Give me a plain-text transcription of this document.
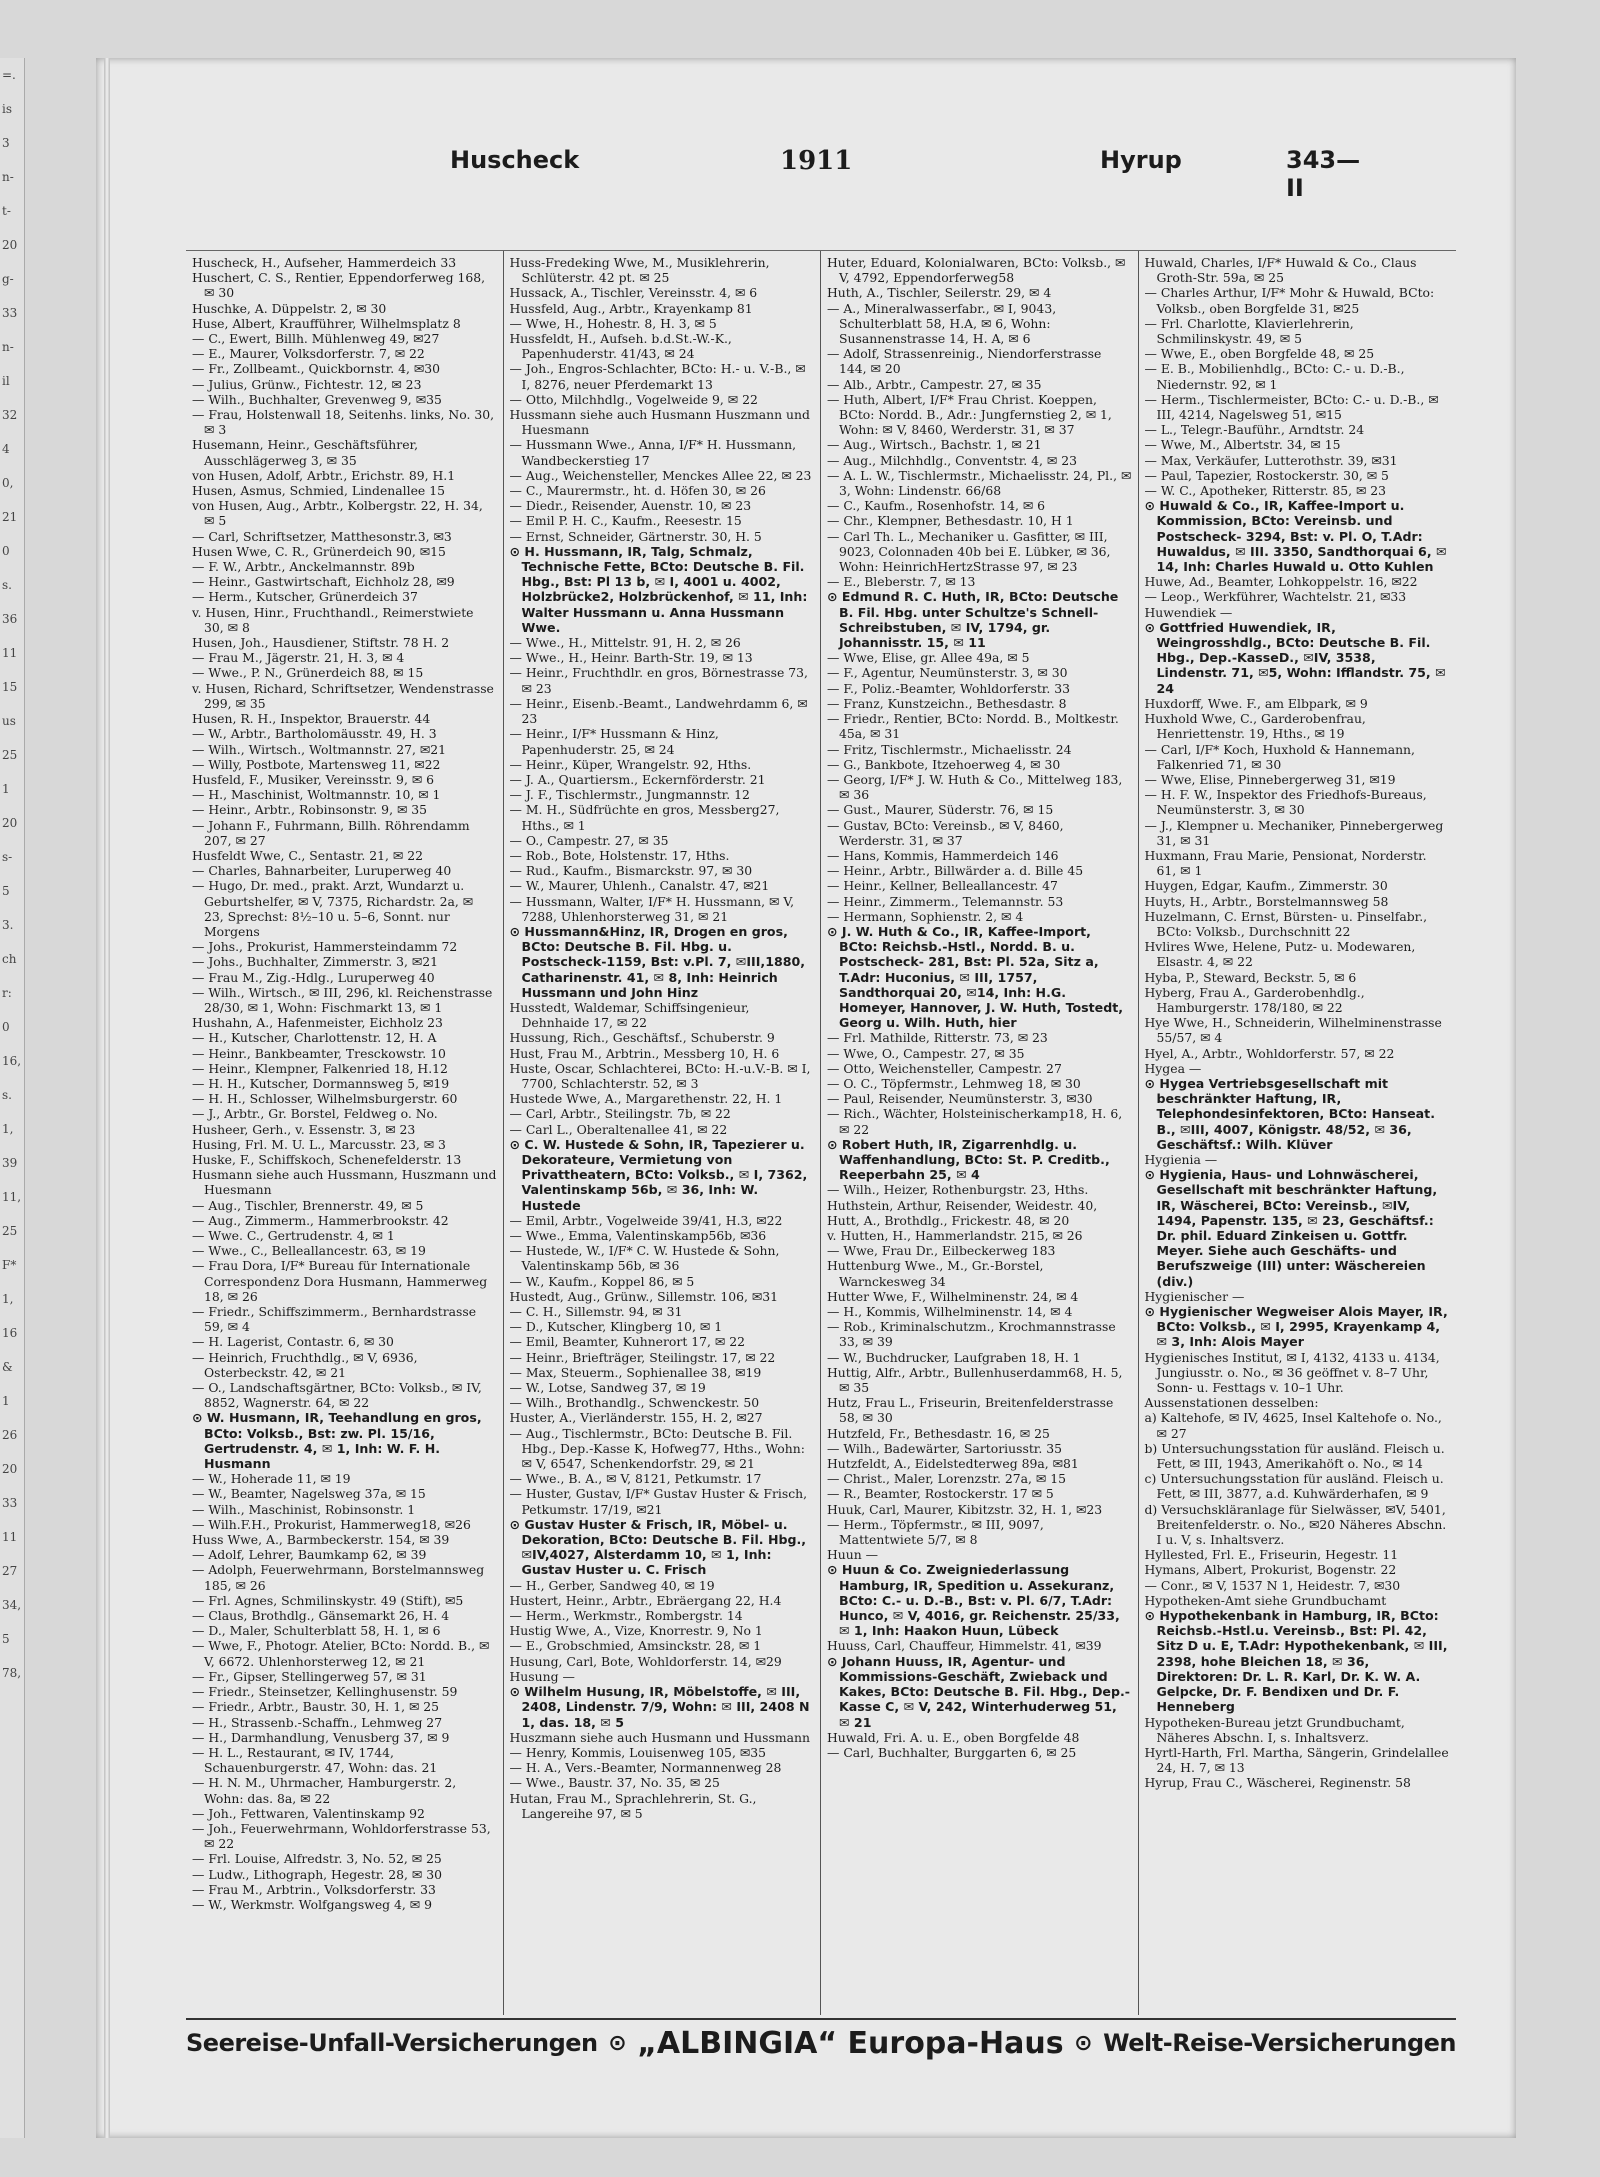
=.
is
3
n-
t-
20
g-
33
n-
il
32
4
0,
21
0
s.
36
11
15
us
25
1
20
s-
5
3.
ch
r:
0
16,
s.
1,
39
11,
25
F*
1,
16
&
1
26
20
33
11
27
34,
5
78,
Huscheck	1911	Hyrup	343—II

Huscheck, H., Aufseher, Hammerdeich 33

Huschert, C. S., Rentier, Eppendorferweg 168, ✉ 30

Huschke, A. Düppelstr. 2, ✉ 30

Huse, Albert, Kraufführer, Wilhelmsplatz 8

— C., Ewert, Billh. Mühlenweg 49, ✉27

— E., Maurer, Volksdorferstr. 7, ✉ 22

— Fr., Zollbeamt., Quickbornstr. 4, ✉30

— Julius, Grünw., Fichtestr. 12, ✉ 23

— Wilh., Buchhalter, Grevenweg 9, ✉35

— Frau, Holstenwall 18, Seitenhs. links, No. 30, ✉ 3

Husemann, Heinr., Geschäftsführer, Ausschlägerweg 3, ✉ 35

von Husen, Adolf, Arbtr., Erichstr. 89, H.1

Husen, Asmus, Schmied, Lindenallee 15

von Husen, Aug., Arbtr., Kolbergstr. 22, H. 34, ✉ 5

— Carl, Schriftsetzer, Matthesonstr.3, ✉3

Husen Wwe, C. R., Grünerdeich 90, ✉15

— F. W., Arbtr., Anckelmannstr. 89b

— Heinr., Gastwirtschaft, Eichholz 28, ✉9

— Herm., Kutscher, Grünerdeich 37

v. Husen, Hinr., Fruchthandl., Reimerstwiete 30, ✉ 8

Husen, Joh., Hausdiener, Stiftstr. 78 H. 2

— Frau M., Jägerstr. 21, H. 3, ✉ 4

— Wwe., P. N., Grünerdeich 88, ✉ 15

v. Husen, Richard, Schriftsetzer, Wendenstrasse 299, ✉ 35

Husen, R. H., Inspektor, Brauerstr. 44

— W., Arbtr., Bartholomäusstr. 49, H. 3

— Wilh., Wirtsch., Woltmannstr. 27, ✉21

— Willy, Postbote, Martensweg 11, ✉22

Husfeld, F., Musiker, Vereinsstr. 9, ✉ 6

— H., Maschinist, Woltmannstr. 10, ✉ 1

— Heinr., Arbtr., Robinsonstr. 9, ✉ 35

— Johann F., Fuhrmann, Billh. Röhrendamm 207, ✉ 27

Husfeldt Wwe, C., Sentastr. 21, ✉ 22

— Charles, Bahnarbeiter, Luruperweg 40

— Hugo, Dr. med., prakt. Arzt, Wundarzt u. Geburtshelfer, ✉ V, 7375, Richardstr. 2a, ✉ 23, Sprechst: 8½–10 u. 5–6, Sonnt. nur Morgens

— Johs., Prokurist, Hammersteindamm 72

— Johs., Buchhalter, Zimmerstr. 3, ✉21

— Frau M., Zig.-Hdlg., Luruperweg 40

— Wilh., Wirtsch., ✉ III, 296, kl. Reichenstrasse 28/30, ✉ 1, Wohn: Fischmarkt 13, ✉ 1

Hushahn, A., Hafenmeister, Eichholz 23

— H., Kutscher, Charlottenstr. 12, H. A

— Heinr., Bankbeamter, Tresckowstr. 10

— Heinr., Klempner, Falkenried 18, H.12

— H. H., Kutscher, Dormannsweg 5, ✉19

— H. H., Schlosser, Wilhelmsburgerstr. 60

— J., Arbtr., Gr. Borstel, Feldweg o. No.

Husheer, Gerh., v. Essenstr. 3, ✉ 23

Husing, Frl. M. U. L., Marcusstr. 23, ✉ 3

Huske, F., Schiffskoch, Schenefelderstr. 13

Husmann siehe auch Hussmann, Huszmann und Huesmann

— Aug., Tischler, Brennerstr. 49, ✉ 5

— Aug., Zimmerm., Hammerbrookstr. 42

— Wwe. C., Gertrudenstr. 4, ✉ 1

— Wwe., C., Belleallancestr. 63, ✉ 19

— Frau Dora, I/F* Bureau für Internationale Correspondenz Dora Husmann, Hammerweg 18, ✉ 26

— Friedr., Schiffszimmerm., Bernhardstrasse 59, ✉ 4

— H. Lagerist, Contastr. 6, ✉ 30

— Heinrich, Fruchthdlg., ✉ V, 6936, Osterbeckstr. 42, ✉ 21

— O., Landschaftsgärtner, BCto: Volksb., ✉ IV, 8852, Wagnerstr. 64, ✉ 22

⊙ W. Husmann, IR, Teehandlung en gros, BCto: Volksb., Bst: zw. Pl. 15/16, Gertrudenstr. 4, ✉ 1, Inh: W. F. H. Husmann

— W., Hoherade 11, ✉ 19

— W., Beamter, Nagelsweg 37a, ✉ 15

— Wilh., Maschinist, Robinsonstr. 1

— Wilh.F.H., Prokurist, Hammerweg18, ✉26

Huss Wwe, A., Barmbeckerstr. 154, ✉ 39

— Adolf, Lehrer, Baumkamp 62, ✉ 39

— Adolph, Feuerwehrmann, Borstelmannsweg 185, ✉ 26

— Frl. Agnes, Schmilinskystr. 49 (Stift), ✉5

— Claus, Brothdlg., Gänsemarkt 26, H. 4

— D., Maler, Schulterblatt 58, H. 1, ✉ 6

— Wwe, F., Photogr. Atelier, BCto: Nordd. B., ✉ V, 6672. Uhlenhorsterweg 12, ✉ 21

— Fr., Gipser, Stellingerweg 57, ✉ 31

— Friedr., Steinsetzer, Kellinghusenstr. 59

— Friedr., Arbtr., Baustr. 30, H. 1, ✉ 25

— H., Strassenb.-Schaffn., Lehmweg 27

— H., Darmhandlung, Venusberg 37, ✉ 9

— H. L., Restaurant, ✉ IV, 1744, Schauenburgerstr. 47, Wohn: das. 21

— H. N. M., Uhrmacher, Hamburgerstr. 2, Wohn: das. 8a, ✉ 22

— Joh., Fettwaren, Valentinskamp 92

— Joh., Feuerwehrmann, Wohldorferstrasse 53, ✉ 22

— Frl. Louise, Alfredstr. 3, No. 52, ✉ 25

— Ludw., Lithograph, Hegestr. 28, ✉ 30

— Frau M., Arbtrin., Volksdorferstr. 33

— W., Werkmstr. Wolfgangsweg 4, ✉ 9

Huss-Fredeking Wwe, M., Musiklehrerin, Schlüterstr. 42 pt. ✉ 25

Hussack, A., Tischler, Vereinsstr. 4, ✉ 6

Hussfeld, Aug., Arbtr., Krayenkamp 81

— Wwe, H., Hohestr. 8, H. 3, ✉ 5

Hussfeldt, H., Aufseh. b.d.St.-W.-K., Papenhuderstr. 41/43, ✉ 24

— Joh., Engros-Schlachter, BCto: H.- u. V.-B., ✉ I, 8276, neuer Pferdemarkt 13

— Otto, Milchhdlg., Vogelweide 9, ✉ 22

Hussmann siehe auch Husmann Huszmann und Huesmann

— Hussmann Wwe., Anna, I/F* H. Hussmann, Wandbeckerstieg 17

— Aug., Weichensteller, Menckes Allee 22, ✉ 23

— C., Maurermstr., ht. d. Höfen 30, ✉ 26

— Diedr., Reisender, Auenstr. 10, ✉ 23

— Emil P. H. C., Kaufm., Reesestr. 15

— Ernst, Schneider, Gärtnerstr. 30, H. 5

⊙ H. Hussmann, IR, Talg, Schmalz, Technische Fette, BCto: Deutsche B. Fil. Hbg., Bst: Pl 13 b, ✉ I, 4001 u. 4002, Holzbrücke2, Holzbrückenhof, ✉ 11, Inh: Walter Hussmann u. Anna Hussmann Wwe.

— Wwe., H., Mittelstr. 91, H. 2, ✉ 26

— Wwe., H., Heinr. Barth-Str. 19, ✉ 13

— Heinr., Fruchthdlr. en gros, Börnestrasse 73, ✉ 23

— Heinr., Eisenb.-Beamt., Landwehrdamm 6, ✉ 23

— Heinr., I/F* Hussmann & Hinz, Papenhuderstr. 25, ✉ 24

— Heinr., Küper, Wrangelstr. 92, Hths.

— J. A., Quartiersm., Eckernförderstr. 21

— J. F., Tischlermstr., Jungmannstr. 12

— M. H., Südfrüchte en gros, Messberg27, Hths., ✉ 1

— O., Campestr. 27, ✉ 35

— Rob., Bote, Holstenstr. 17, Hths.

— Rud., Kaufm., Bismarckstr. 97, ✉ 30

— W., Maurer, Uhlenh., Canalstr. 47, ✉21

— Hussmann, Walter, I/F* H. Hussmann, ✉ V, 7288, Uhlenhorsterweg 31, ✉ 21

⊙ Hussmann&Hinz, IR, Drogen en gros, BCto: Deutsche B. Fil. Hbg. u. Postscheck-1159, Bst: v.Pl. 7, ✉III,1880, Catharinenstr. 41, ✉ 8, Inh: Heinrich Hussmann und John Hinz

Husstedt, Waldemar, Schiffsingenieur, Dehnhaide 17, ✉ 22

Hussung, Rich., Geschäftsf., Schuberstr. 9

Hust, Frau M., Arbtrin., Messberg 10, H. 6

Huste, Oscar, Schlachterei, BCto: H.-u.V.-B. ✉ I, 7700, Schlachterstr. 52, ✉ 3

Hustede Wwe, A., Margarethenstr. 22, H. 1

— Carl, Arbtr., Steilingstr. 7b, ✉ 22

— Carl L., Oberaltenallee 41, ✉ 22

⊙ C. W. Hustede & Sohn, IR, Tapezierer u. Dekorateure, Vermietung von Privattheatern, BCto: Volksb., ✉ I, 7362, Valentinskamp 56b, ✉ 36, Inh: W. Hustede

— Emil, Arbtr., Vogelweide 39/41, H.3, ✉22

— Wwe., Emma, Valentinskamp56b, ✉36

— Hustede, W., I/F* C. W. Hustede & Sohn, Valentinskamp 56b, ✉ 36

— W., Kaufm., Koppel 86, ✉ 5

Hustedt, Aug., Grünw., Sillemstr. 106, ✉31

— C. H., Sillemstr. 94, ✉ 31

— D., Kutscher, Klingberg 10, ✉ 1

— Emil, Beamter, Kuhnerort 17, ✉ 22

— Heinr., Briefträger, Steilingstr. 17, ✉ 22

— Max, Steuerm., Sophienallee 38, ✉19

— W., Lotse, Sandweg 37, ✉ 19

— Wilh., Brothandlg., Schwenckestr. 50

Huster, A., Vierländerstr. 155, H. 2, ✉27

— Aug., Tischlermstr., BCto: Deutsche B. Fil. Hbg., Dep.-Kasse K, Hofweg77, Hths., Wohn: ✉ V, 6547, Schenkendorfstr. 29, ✉ 21

— Wwe., B. A., ✉ V, 8121, Petkumstr. 17

— Huster, Gustav, I/F* Gustav Huster & Frisch, Petkumstr. 17/19, ✉21

⊙ Gustav Huster & Frisch, IR, Möbel- u. Dekoration, BCto: Deutsche B. Fil. Hbg., ✉IV,4027, Alsterdamm 10, ✉ 1, Inh: Gustav Huster u. C. Frisch

— H., Gerber, Sandweg 40, ✉ 19

Hustert, Heinr., Arbtr., Ebräergang 22, H.4

— Herm., Werkmstr., Rombergstr. 14

Hustig Wwe, A., Vize, Knorrestr. 9, No 1

— E., Grobschmied, Amsinckstr. 28, ✉ 1

Husung, Carl, Bote, Wohldorferstr. 14, ✉29

Husung —

⊙ Wilhelm Husung, IR, Möbelstoffe, ✉ III, 2408, Lindenstr. 7/9, Wohn: ✉ III, 2408 N 1, das. 18, ✉ 5

Huszmann siehe auch Husmann und Hussmann

— Henry, Kommis, Louisenweg 105, ✉35

— H. A., Vers.-Beamter, Normannenweg 28

— Wwe., Baustr. 37, No. 35, ✉ 25

Hutan, Frau M., Sprachlehrerin, St. G., Langereihe 97, ✉ 5

Huter, Eduard, Kolonialwaren, BCto: Volksb., ✉ V, 4792, Eppendorferweg58

Huth, A., Tischler, Seilerstr. 29, ✉ 4

— A., Mineralwasserfabr., ✉ I, 9043, Schulterblatt 58, H.A, ✉ 6, Wohn: Susannenstrasse 14, H. A, ✉ 6

— Adolf, Strassenreinig., Niendorferstrasse 144, ✉ 20

— Alb., Arbtr., Campestr. 27, ✉ 35

— Huth, Albert, I/F* Frau Christ. Koeppen, BCto: Nordd. B., Adr.: Jungfernstieg 2, ✉ 1, Wohn: ✉ V, 8460, Werderstr. 31, ✉ 37

— Aug., Wirtsch., Bachstr. 1, ✉ 21

— Aug., Milchhdlg., Conventstr. 4, ✉ 23

— A. L. W., Tischlermstr., Michaelisstr. 24, Pl., ✉ 3, Wohn: Lindenstr. 66/68

— C., Kaufm., Rosenhofstr. 14, ✉ 6

— Chr., Klempner, Bethesdastr. 10, H 1

— Carl Th. L., Mechaniker u. Gasfitter, ✉ III, 9023, Colonnaden 40b bei E. Lübker, ✉ 36, Wohn: HeinrichHertzStrasse 97, ✉ 23

— E., Bleberstr. 7, ✉ 13

⊙ Edmund R. C. Huth, IR, BCto: Deutsche B. Fil. Hbg. unter Schultze's Schnell-Schreibstuben, ✉ IV, 1794, gr. Johannisstr. 15, ✉ 11

— Wwe, Elise, gr. Allee 49a, ✉ 5

— F., Agentur, Neumünsterstr. 3, ✉ 30

— F., Poliz.-Beamter, Wohldorferstr. 33

— Franz, Kunstzeichn., Bethesdastr. 8

— Friedr., Rentier, BCto: Nordd. B., Moltkestr. 45a, ✉ 31

— Fritz, Tischlermstr., Michaelisstr. 24

— G., Bankbote, Itzehoerweg 4, ✉ 30

— Georg, I/F* J. W. Huth & Co., Mittelweg 183, ✉ 36

— Gust., Maurer, Süderstr. 76, ✉ 15

— Gustav, BCto: Vereinsb., ✉ V, 8460, Werderstr. 31, ✉ 37

— Hans, Kommis, Hammerdeich 146

— Heinr., Arbtr., Billwärder a. d. Bille 45

— Heinr., Kellner, Belleallancestr. 47

— Heinr., Zimmerm., Telemannstr. 53

— Hermann, Sophienstr. 2, ✉ 4

⊙ J. W. Huth & Co., IR, Kaffee-Import, BCto: Reichsb.-Hstl., Nordd. B. u. Postscheck- 281, Bst: Pl. 52a, Sitz a, T.Adr: Huconius, ✉ III, 1757, Sandthorquai 20, ✉14, Inh: H.G. Homeyer, Hannover, J. W. Huth, Tostedt, Georg u. Wilh. Huth, hier

— Frl. Mathilde, Ritterstr. 73, ✉ 23

— Wwe, O., Campestr. 27, ✉ 35

— Otto, Weichensteller, Campestr. 27

— O. C., Töpfermstr., Lehmweg 18, ✉ 30

— Paul, Reisender, Neumünsterstr. 3, ✉30

— Rich., Wächter, Holsteinischerkamp18, H. 6, ✉ 22

⊙ Robert Huth, IR, Zigarrenhdlg. u. Waffenhandlung, BCto: St. P. Creditb., Reeperbahn 25, ✉ 4

— Wilh., Heizer, Rothenburgstr. 23, Hths.

Huthstein, Arthur, Reisender, Weidestr. 40,

Hutt, A., Brothdlg., Frickestr. 48, ✉ 20

v. Hutten, H., Hammerlandstr. 215, ✉ 26

— Wwe, Frau Dr., Eilbeckerweg 183

Huttenburg Wwe., M., Gr.-Borstel, Warnckesweg 34

Hutter Wwe, F., Wilhelminenstr. 24, ✉ 4

— H., Kommis, Wilhelminenstr. 14, ✉ 4

— Rob., Kriminalschutzm., Krochmannstrasse 33, ✉ 39

— W., Buchdrucker, Laufgraben 18, H. 1

Huttig, Alfr., Arbtr., Bullenhuserdamm68, H. 5, ✉ 35

Hutz, Frau L., Friseurin, Breitenfelderstrasse 58, ✉ 30

Hutzfeld, Fr., Bethesdastr. 16, ✉ 25

— Wilh., Badewärter, Sartoriusstr. 35

Hutzfeldt, A., Eidelstedterweg 89a, ✉81

— Christ., Maler, Lorenzstr. 27a, ✉ 15

— R., Beamter, Rostockerstr. 17 ✉ 5

Huuk, Carl, Maurer, Kibitzstr. 32, H. 1, ✉23

— Herm., Töpfermstr., ✉ III, 9097, Mattentwiete 5/7, ✉ 8

Huun —

⊙ Huun & Co. Zweigniederlassung Hamburg, IR, Spedition u. Assekuranz, BCto: C.- u. D.-B., Bst: v. Pl. 6/7, T.Adr: Hunco, ✉ V, 4016, gr. Reichenstr. 25/33, ✉ 1, Inh: Haakon Huun, Lübeck

Huuss, Carl, Chauffeur, Himmelstr. 41, ✉39

⊙ Johann Huuss, IR, Agentur- und Kommissions-Geschäft, Zwieback und Kakes, BCto: Deutsche B. Fil. Hbg., Dep.-Kasse C, ✉ V, 242, Winterhuderweg 51, ✉ 21

Huwald, Fri. A. u. E., oben Borgfelde 48

— Carl, Buchhalter, Burggarten 6, ✉ 25

Huwald, Charles, I/F* Huwald & Co., Claus Groth-Str. 59a, ✉ 25

— Charles Arthur, I/F* Mohr & Huwald, BCto: Volksb., oben Borgfelde 31, ✉25

— Frl. Charlotte, Klavierlehrerin, Schmilinskystr. 49, ✉ 5

— Wwe, E., oben Borgfelde 48, ✉ 25

— E. B., Mobilienhdlg., BCto: C.- u. D.-B., Niedernstr. 92, ✉ 1

— Herm., Tischlermeister, BCto: C.- u. D.-B., ✉ III, 4214, Nagelsweg 51, ✉15

— L., Telegr.-Bauführ., Arndtstr. 24

— Wwe, M., Albertstr. 34, ✉ 15

— Max, Verkäufer, Lutterothstr. 39, ✉31

— Paul, Tapezier, Rostockerstr. 30, ✉ 5

— W. C., Apotheker, Ritterstr. 85, ✉ 23

⊙ Huwald & Co., IR, Kaffee-Import u. Kommission, BCto: Vereinsb. und Postscheck- 3294, Bst: v. Pl. O, T.Adr: Huwaldus, ✉ III. 3350, Sandthorquai 6, ✉ 14, Inh: Charles Huwald u. Otto Kuhlen

Huwe, Ad., Beamter, Lohkoppelstr. 16, ✉22

— Leop., Werkführer, Wachtelstr. 21, ✉33

Huwendiek —

⊙ Gottfried Huwendiek, IR, Weingrosshdlg., BCto: Deutsche B. Fil. Hbg., Dep.-KasseD., ✉IV, 3538, Lindenstr. 71, ✉5, Wohn: Ifflandstr. 75, ✉ 24

Huxdorff, Wwe. F., am Elbpark, ✉ 9

Huxhold Wwe, C., Garderobenfrau, Henriettenstr. 19, Hths., ✉ 19

— Carl, I/F* Koch, Huxhold & Hannemann, Falkenried 71, ✉ 30

— Wwe, Elise, Pinnebergerweg 31, ✉19

— H. F. W., Inspektor des Friedhofs-Bureaus, Neumünsterstr. 3, ✉ 30

— J., Klempner u. Mechaniker, Pinnebergerweg 31, ✉ 31

Huxmann, Frau Marie, Pensionat, Norderstr. 61, ✉ 1

Huygen, Edgar, Kaufm., Zimmerstr. 30

Huyts, H., Arbtr., Borstelmannsweg 58

Huzelmann, C. Ernst, Bürsten- u. Pinselfabr., BCto: Volksb., Durchschnitt 22

Hvlires Wwe, Helene, Putz- u. Modewaren, Elsastr. 4, ✉ 22

Hyba, P., Steward, Beckstr. 5, ✉ 6

Hyberg, Frau A., Garderobenhdlg., Hamburgerstr. 178/180, ✉ 22

Hye Wwe, H., Schneiderin, Wilhelminenstrasse 55/57, ✉ 4

Hyel, A., Arbtr., Wohldorferstr. 57, ✉ 22

Hygea —

⊙ Hygea Vertriebsgesellschaft mit beschränkter Haftung, IR, Telephondesinfektoren, BCto: Hanseat. B., ✉III, 4007, Königstr. 48/52, ✉ 36, Geschäftsf.: Wilh. Klüver

Hygienia —

⊙ Hygienia, Haus- und Lohnwäscherei, Gesellschaft mit beschränkter Haftung, IR, Wäscherei, BCto: Vereinsb., ✉IV, 1494, Papenstr. 135, ✉ 23, Geschäftsf.: Dr. phil. Eduard Zinkeisen u. Gottfr. Meyer. Siehe auch Geschäfts- und Berufszweige (III) unter: Wäschereien (div.)

Hygienischer —

⊙ Hygienischer Wegweiser Alois Mayer, IR, BCto: Volksb., ✉ I, 2995, Krayenkamp 4, ✉ 3, Inh: Alois Mayer

Hygienisches Institut, ✉ I, 4132, 4133 u. 4134, Jungiusstr. o. No., ✉ 36 geöffnet v. 8–7 Uhr, Sonn- u. Festtags v. 10–1 Uhr.

Aussenstationen desselben:

a) Kaltehofe, ✉ IV, 4625, Insel Kaltehofe o. No., ✉ 27

b) Untersuchungsstation für ausländ. Fleisch u. Fett, ✉ III, 1943, Amerikahöft o. No., ✉ 14

c) Untersuchungsstation für ausländ. Fleisch u. Fett, ✉ III, 3877, a.d. Kuhwärderhafen, ✉ 9

d) Versuchskläranlage für Sielwässer, ✉V, 5401, Breitenfelderstr. o. No., ✉20 Näheres Abschn. I u. V, s. Inhaltsverz.

Hyllested, Frl. E., Friseurin, Hegestr. 11

Hymans, Albert, Prokurist, Bogenstr. 22

— Conr., ✉ V, 1537 N 1, Heidestr. 7, ✉30

Hypotheken-Amt siehe Grundbuchamt

⊙ Hypothekenbank in Hamburg, IR, BCto: Reichsb.-Hstl.u. Vereinsb., Bst: Pl. 42, Sitz D u. E, T.Adr: Hypothekenbank, ✉ III, 2398, hohe Bleichen 18, ✉ 36, Direktoren: Dr. L. R. Karl, Dr. K. W. A. Gelpcke, Dr. F. Bendixen und Dr. F. Henneberg

Hypotheken-Bureau jetzt Grundbuchamt, Näheres Abschn. I, s. Inhaltsverz.

Hyrtl-Harth, Frl. Martha, Sängerin, Grindelallee 24, H. 7, ✉ 13

Hyrup, Frau C., Wäscherei, Reginenstr. 58

Seereise-Unfall-Versicherungen ⊙ „ALBINGIA“ Europa-Haus ⊙ Welt-Reise-Versicherungen
